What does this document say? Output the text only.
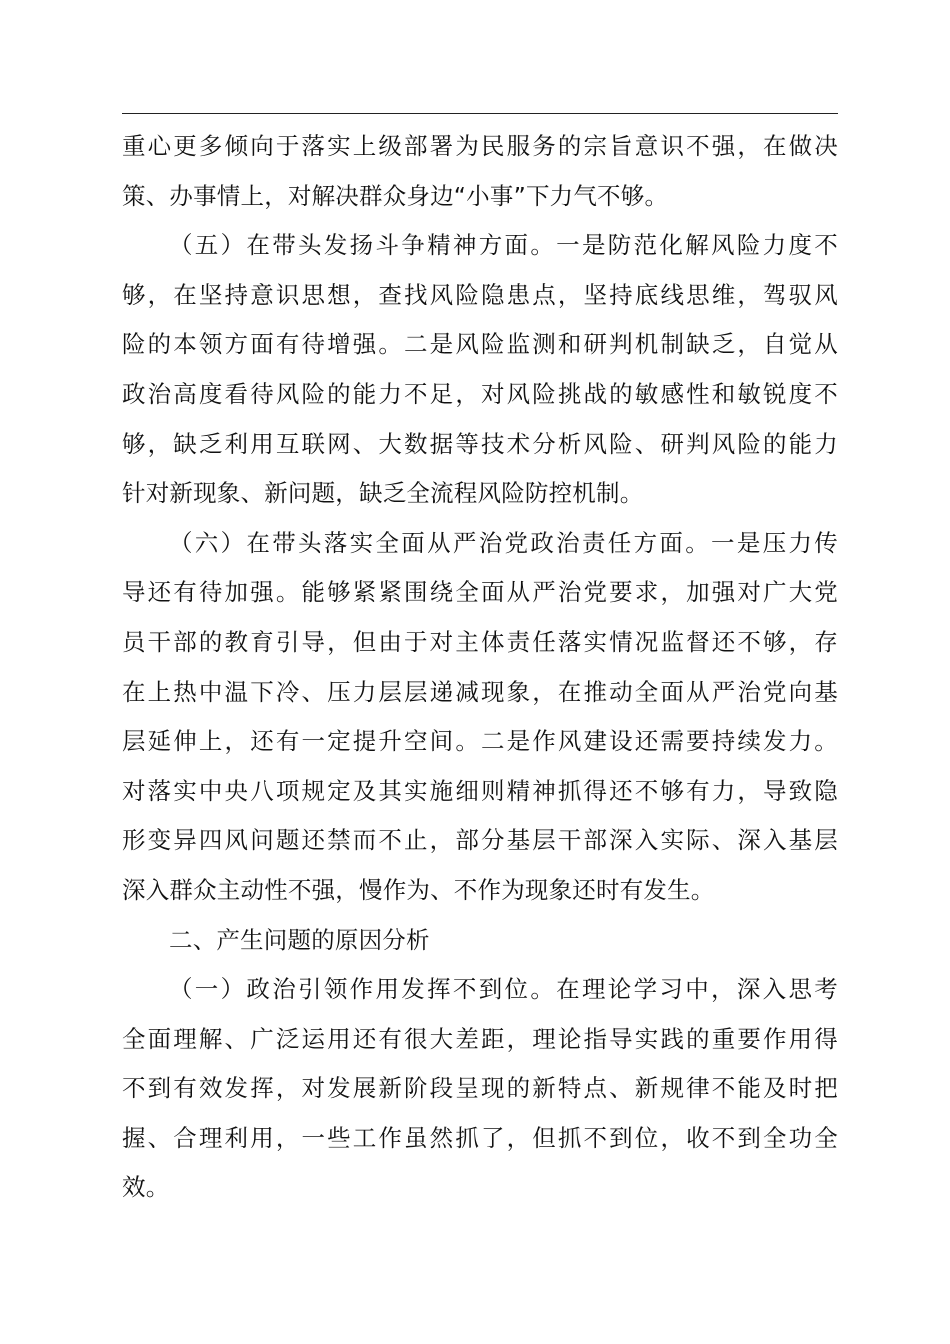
重心更多倾向于落实上级部署为民服务的宗旨意识不强，在做决
策、办事情上，对解决群众身边“小事”下力气不够。
（五）在带头发扬斗争精神方面。一是防范化解风险力度不
够，在坚持意识思想，查找风险隐患点，坚持底线思维，驾驭风
险的本领方面有待增强。二是风险监测和研判机制缺乏，自觉从
政治高度看待风险的能力不足，对风险挑战的敏感性和敏锐度不
够，缺乏利用互联网、大数据等技术分析风险、研判风险的能力
针对新现象、新问题，缺乏全流程风险防控机制。
（六）在带头落实全面从严治党政治责任方面。一是压力传
导还有待加强。能够紧紧围绕全面从严治党要求，加强对广大党
员干部的教育引导，但由于对主体责任落实情况监督还不够，存
在上热中温下冷、压力层层递减现象，在推动全面从严治党向基
层延伸上，还有一定提升空间。二是作风建设还需要持续发力。
对落实中央八项规定及其实施细则精神抓得还不够有力，导致隐
形变异四风问题还禁而不止，部分基层干部深入实际、深入基层
深入群众主动性不强，慢作为、不作为现象还时有发生。
二、产生问题的原因分析
（一）政治引领作用发挥不到位。在理论学习中，深入思考
全面理解、广泛运用还有很大差距，理论指导实践的重要作用得
不到有效发挥，对发展新阶段呈现的新特点、新规律不能及时把
握、合理利用，一些工作虽然抓了，但抓不到位，收不到全功全
效。
